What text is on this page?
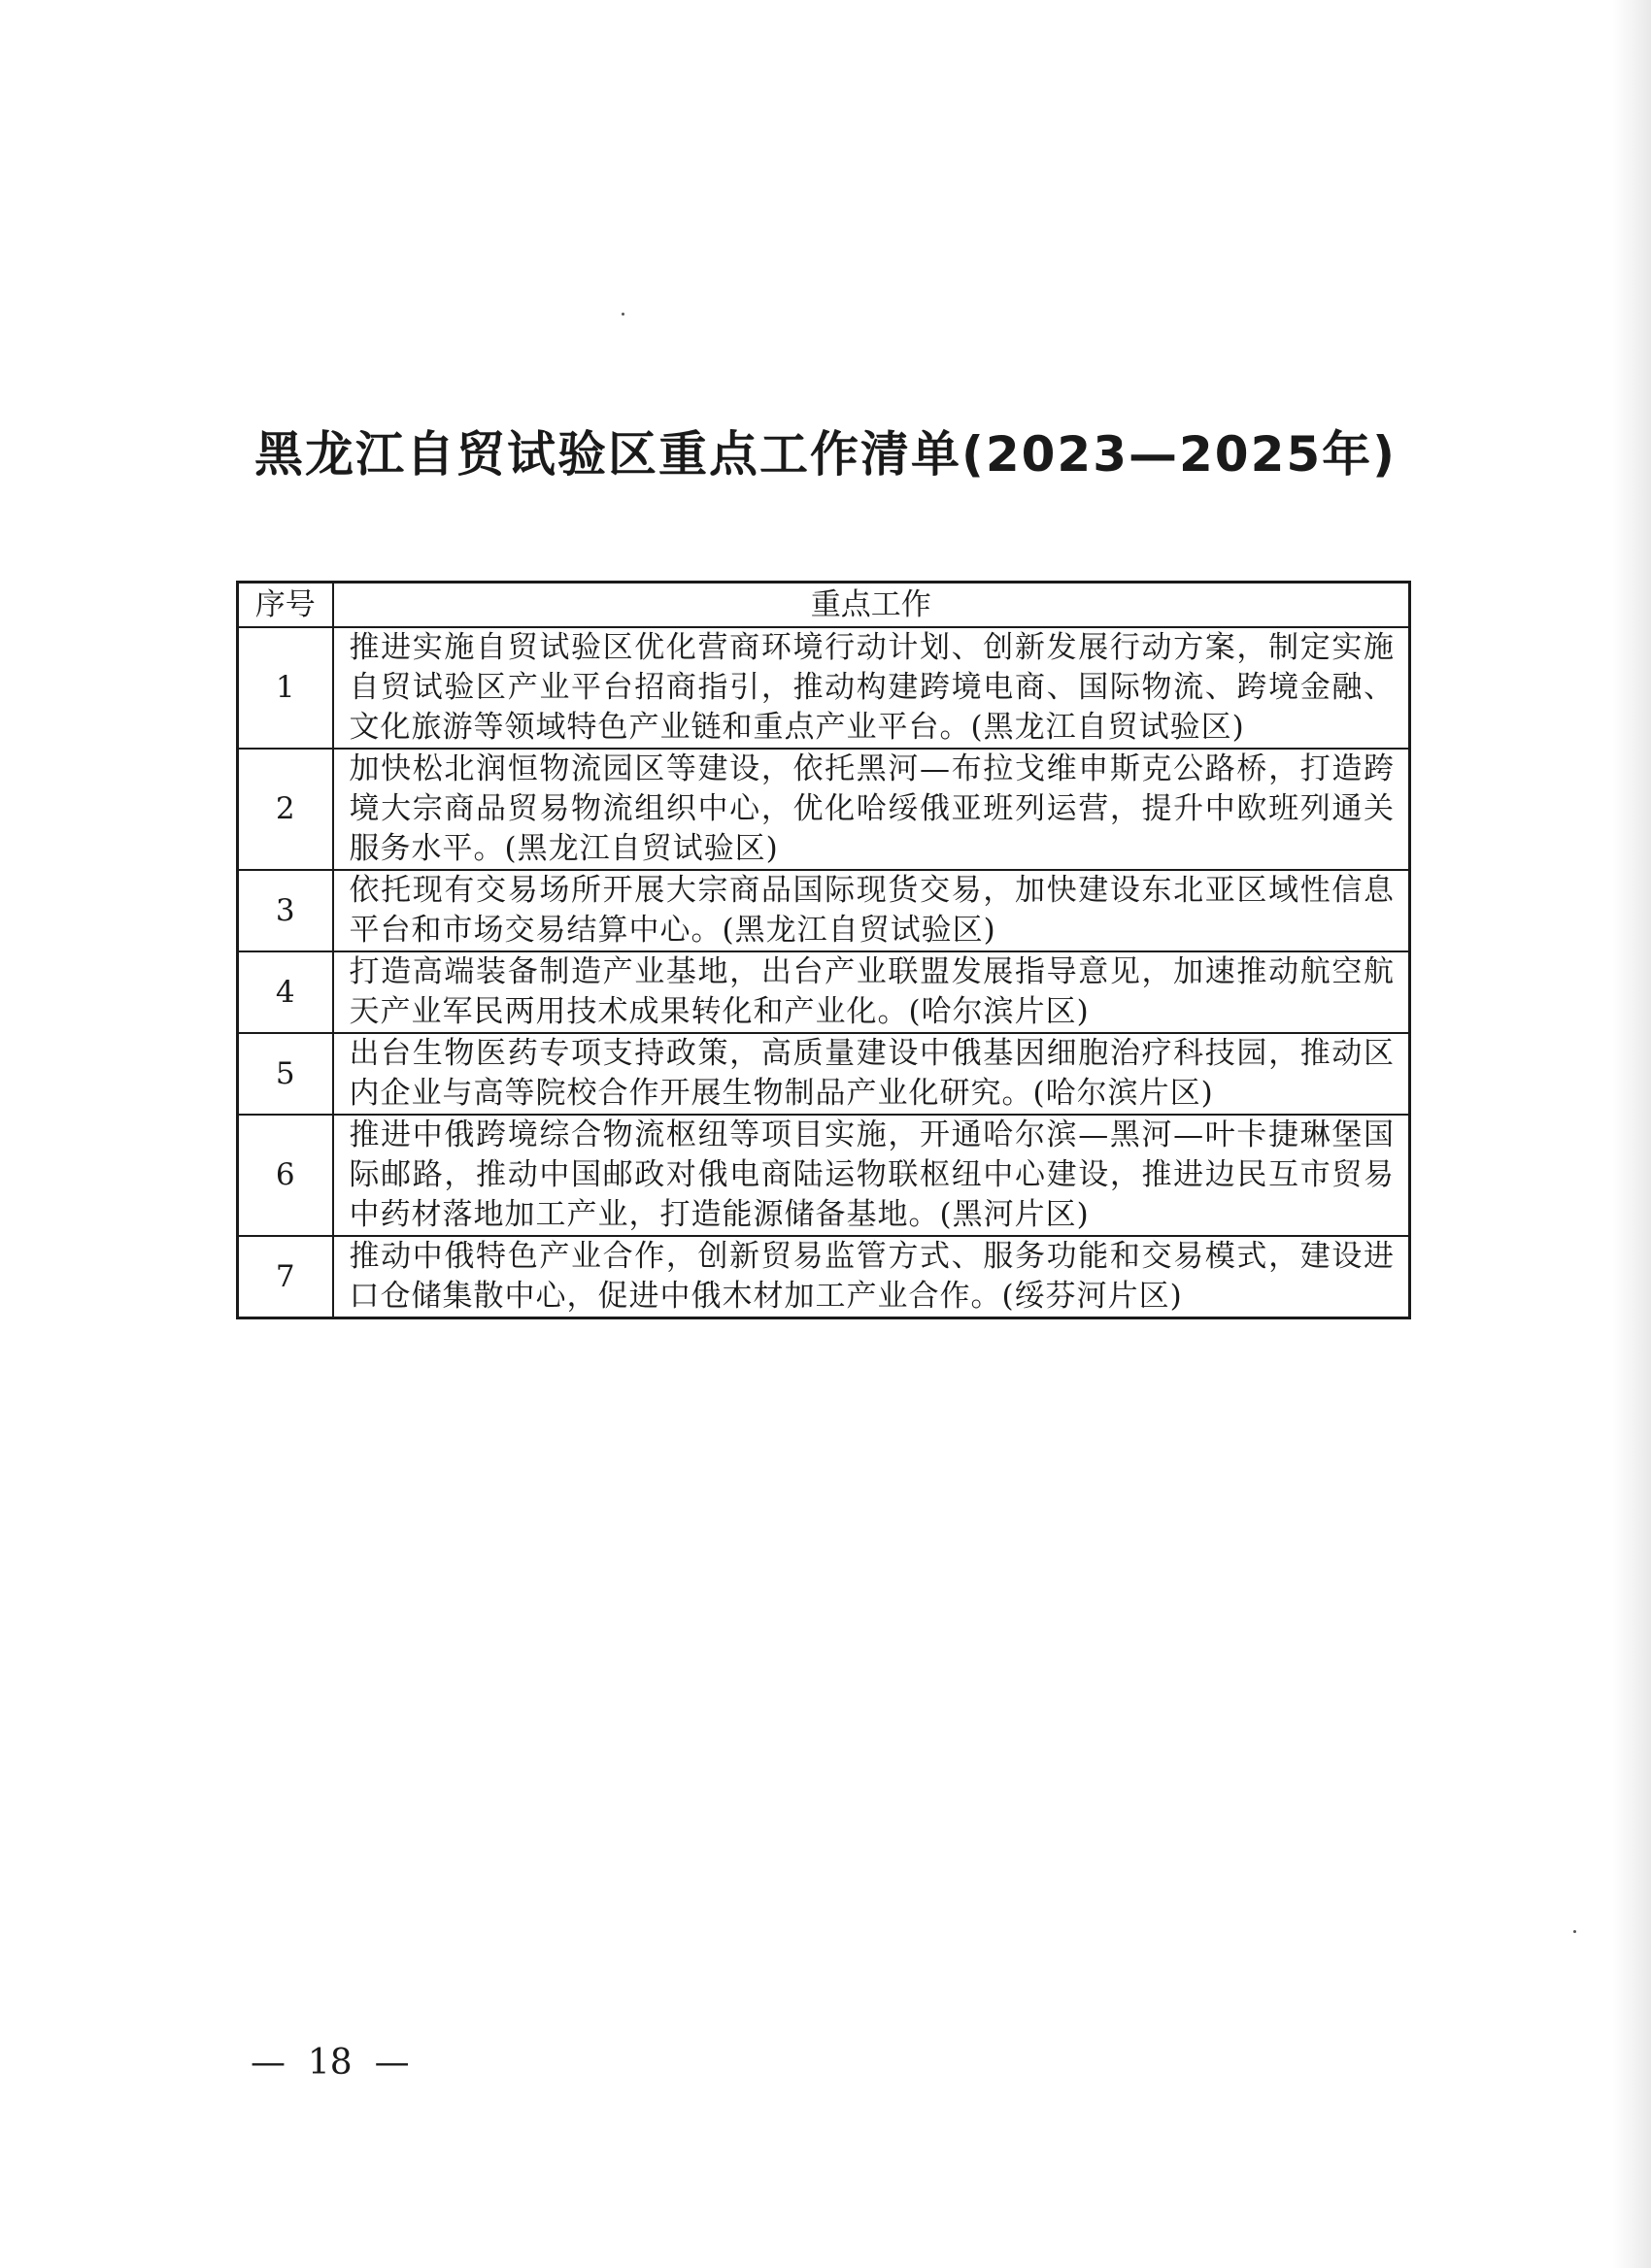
黑龙江自贸试验区重点工作清单(2023—2025年)
序号	重点工作
1	推进实施自贸试验区优化营商环境行动计划、创新发展行动方案，制定实施自贸试验区产业平台招商指引，推动构建跨境电商、国际物流、跨境金融、文化旅游等领域特色产业链和重点产业平台。(黑龙江自贸试验区)
2	加快松北润恒物流园区等建设，依托黑河—布拉戈维申斯克公路桥，打造跨境大宗商品贸易物流组织中心，优化哈绥俄亚班列运营，提升中欧班列通关服务水平。(黑龙江自贸试验区)
3	依托现有交易场所开展大宗商品国际现货交易，加快建设东北亚区域性信息平台和市场交易结算中心。(黑龙江自贸试验区)
4	打造高端装备制造产业基地，出台产业联盟发展指导意见，加速推动航空航天产业军民两用技术成果转化和产业化。(哈尔滨片区)
5	出台生物医药专项支持政策，高质量建设中俄基因细胞治疗科技园，推动区内企业与高等院校合作开展生物制品产业化研究。(哈尔滨片区)
6	推进中俄跨境综合物流枢纽等项目实施，开通哈尔滨—黑河—叶卡捷琳堡国际邮路，推动中国邮政对俄电商陆运物联枢纽中心建设，推进边民互市贸易中药材落地加工产业，打造能源储备基地。(黑河片区)
7	推动中俄特色产业合作，创新贸易监管方式、服务功能和交易模式，建设进口仓储集散中心，促进中俄木材加工产业合作。(绥芬河片区)
—  18  —
